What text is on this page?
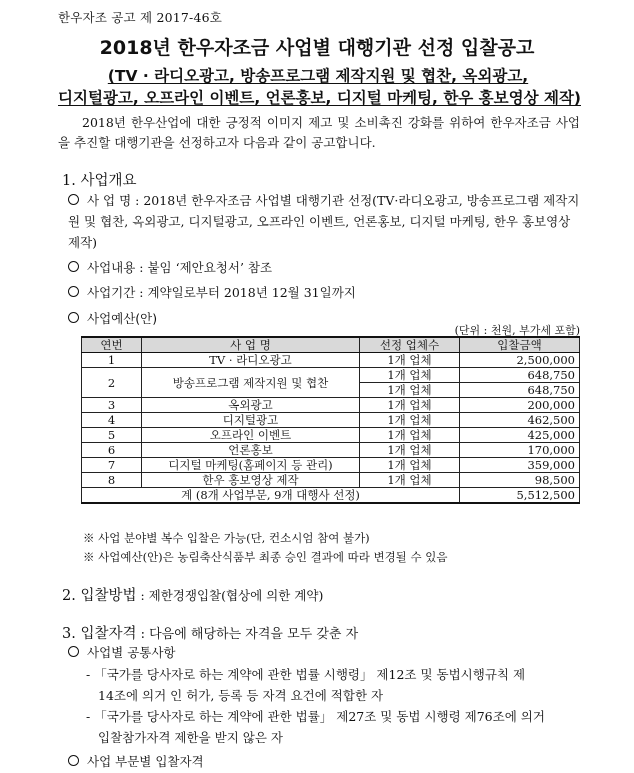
한우자조 공고 제 2017-46호
2018년 한우자조금 사업별 대행기관 선정 입찰공고
(TV · 라디오광고, 방송프로그램 제작지원 및 협찬, 옥외광고,
디지털광고, 오프라인 이벤트, 언론홍보, 디지털 마케팅, 한우 홍보영상 제작)
2018년 한우산업에 대한 긍정적 이미지 제고 및 소비촉진 강화를 위하여 한우자조금 사업을 추진할 대행기관을 선정하고자 다음과 같이 공고합니다.
1. 사업개요
사 업 명 : 2018년 한우자조금 사업별 대행기관 선정(TV·라디오광고, 방송프로그램 제작지원 및 협찬, 옥외광고, 디지털광고, 오프라인 이벤트, 언론홍보, 디지털 마케팅, 한우 홍보영상 제작)
사업내용 : 붙임 ‘제안요청서’ 참조
사업기간 : 계약일로부터 2018년 12월 31일까지
사업예산(안)
(단위 : 천원, 부가세 포함)
연번	사 업 명	선정 업체수	입찰금액
1	TV · 라디오광고	1개 업체	2,500,000
2	방송프로그램 제작지원 및 협찬	1개 업체	648,750
		1개 업체	648,750
3	옥외광고	1개 업체	200,000
4	디지털광고	1개 업체	462,500
5	오프라인 이벤트	1개 업체	425,000
6	언론홍보	1개 업체	170,000
7	디지털 마케팅(홈페이지 등 관리)	1개 업체	359,000
8	한우 홍보영상 제작	1개 업체	98,500
계 (8개 사업부문, 9개 대행사 선정)			5,512,500
※ 사업 분야별 복수 입찰은 가능(단, 컨소시엄 참여 불가)
※ 사업예산(안)은 농림축산식품부 최종 승인 결과에 따라 변경될 수 있음
2. 입찰방법 : 제한경쟁입찰(협상에 의한 계약)
3. 입찰자격 : 다음에 해당하는 자격을 모두 갖춘 자
사업별 공통사항
- 「국가를 당사자로 하는 계약에 관한 법률 시행령」 제12조 및 동법시행규칙 제
14조에 의거 인 허가, 등록 등 자격 요건에 적합한 자
- 「국가를 당사자로 하는 계약에 관한 법률」 제27조 및 동법 시행령 제76조에 의거
입찰참가자격 제한을 받지 않은 자
사업 부문별 입찰자격
